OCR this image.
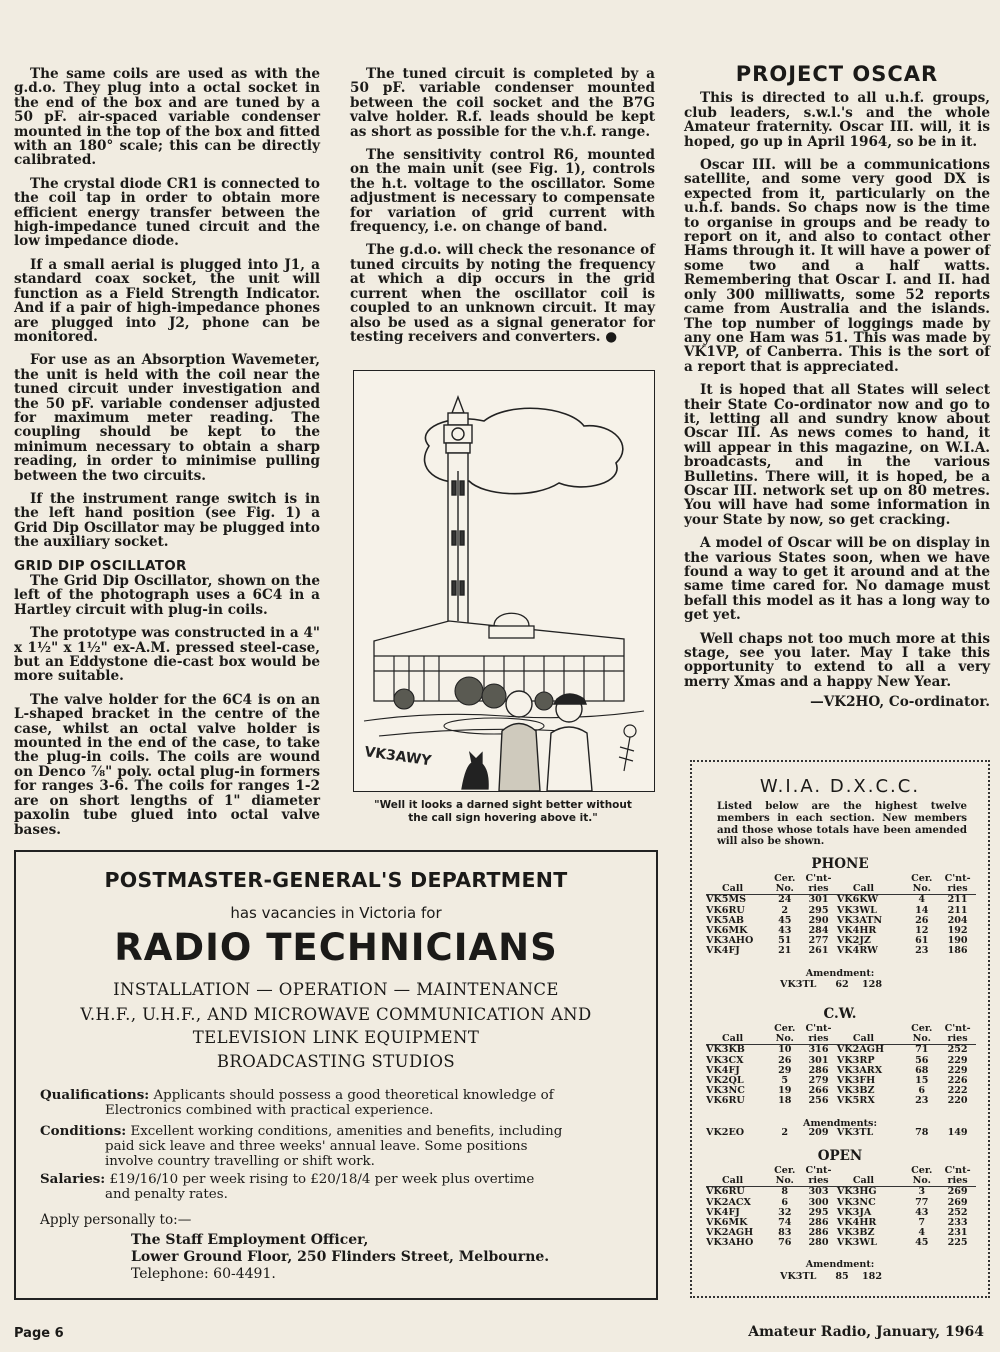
The same coils are used as with the g.d.o. They plug into a octal socket in the end of the box and are tuned by a 50 pF. air-spaced variable condenser mounted in the top of the box and fitted with an 180° scale; this can be directly calibrated.

The crystal diode CR1 is connected to the coil tap in order to obtain more efficient energy transfer between the high-impedance tuned circuit and the low impedance diode.

If a small aerial is plugged into J1, a standard coax socket, the unit will function as a Field Strength Indicator. And if a pair of high-impedance phones are plugged into J2, phone can be monitored.

For use as an Absorption Wavemeter, the unit is held with the coil near the tuned circuit under investigation and the 50 pF. variable condenser adjusted for maximum meter reading. The coupling should be kept to the minimum necessary to obtain a sharp reading, in order to minimise pulling between the two circuits.

If the instrument range switch is in the left hand position (see Fig. 1) a Grid Dip Oscillator may be plugged into the auxiliary socket.

GRID DIP OSCILLATOR

The Grid Dip Oscillator, shown on the left of the photograph uses a 6C4 in a Hartley circuit with plug-in coils.

The prototype was constructed in a 4" x 1½" x 1½" ex-A.M. pressed steel-case, but an Eddystone die-cast box would be more suitable.

The valve holder for the 6C4 is on an L-shaped bracket in the centre of the case, whilst an octal valve holder is mounted in the end of the case, to take the plug-in coils. The coils are wound on Denco ⅞" poly. octal plug-in formers for ranges 3-6. The coils for ranges 1-2 are on short lengths of 1" diameter paxolin tube glued into octal valve bases.

The tuned circuit is completed by a 50 pF. variable condenser mounted between the coil socket and the B7G valve holder. R.f. leads should be kept as short as possible for the v.h.f. range.

The sensitivity control R6, mounted on the main unit (see Fig. 1), controls the h.t. voltage to the oscillator. Some adjustment is necessary to compensate for variation of grid current with frequency, i.e. on change of band.

The g.d.o. will check the resonance of tuned circuits by noting the frequency at which a dip occurs in the grid current when the oscillator coil is coupled to an unknown circuit. It may also be used as a signal generator for testing receivers and converters. ●

VK3AWY
"Well it looks a darned sight better without
the call sign hovering above it."
PROJECT OSCAR

This is directed to all u.h.f. groups, club leaders, s.w.l.'s and the whole Amateur fraternity. Oscar III. will, it is hoped, go up in April 1964, so be in it.

Oscar III. will be a communications satellite, and some very good DX is expected from it, particularly on the u.h.f. bands. So chaps now is the time to organise in groups and be ready to report on it, and also to contact other Hams through it. It will have a power of some two and a half watts. Remembering that Oscar I. and II. had only 300 milliwatts, some 52 reports came from Australia and the islands. The top number of loggings made by any one Ham was 51. This was made by VK1VP, of Canberra. This is the sort of a report that is appreciated.

It is hoped that all States will select their State Co-ordinator now and go to it, letting all and sundry know about Oscar III. As news comes to hand, it will appear in this magazine, on W.I.A. broadcasts, and in the various Bulletins. There will, it is hoped, be a Oscar III. network set up on 80 metres. You will have had some information in your State by now, so get cracking.

A model of Oscar will be on display in the various States soon, when we have found a way to get it around and at the same time cared for. No damage must befall this model as it has a long way to get yet.

Well chaps not too much more at this stage, see you later. May I take this opportunity to extend to all a very merry Xmas and a happy New Year.

—VK2HO, Co-ordinator.
W.I.A. D.X.C.C.
Listed below are the highest twelve members in each section. New members and those whose totals have been amended will also be shown.
PHONE
	Cer.	C'nt-		Cer.	C'nt-
Call	No.	ries	Call	No.	ries
VK5MS	24	301	VK6KW	4	211
VK6RU	2	295	VK3WL	14	211
VK5AB	45	290	VK3ATN	26	204
VK6MK	43	284	VK4HR	12	192
VK3AHO	51	277	VK2JZ	61	190
VK4FJ	21	261	VK4RW	23	186
Amendment:
VK3TL	62	128
C.W.
	Cer.	C'nt-		Cer.	C'nt-
Call	No.	ries	Call	No.	ries
VK3KB	10	316	VK2AGH	71	252
VK3CX	26	301	VK3RP	56	229
VK4FJ	29	286	VK3ARX	68	229
VK2QL	5	279	VK3FH	15	226
VK3NC	19	266	VK3BZ	6	222
VK6RU	18	256	VK5RX	23	220
Amendments:
VK2EO	2	209	VK3TL	78	149
OPEN
	Cer.	C'nt-		Cer.	C'nt-
Call	No.	ries	Call	No.	ries
VK6RU	8	303	VK3HG	3	269
VK2ACX	6	300	VK3NC	77	269
VK4FJ	32	295	VK3JA	43	252
VK6MK	74	286	VK4HR	7	233
VK2AGH	83	286	VK3BZ	4	231
VK3AHO	76	280	VK3WL	45	225
Amendment:
VK3TL	85	182
POSTMASTER-GENERAL'S DEPARTMENT
has vacancies in Victoria for
RADIO TECHNICIANS
INSTALLATION — OPERATION — MAINTENANCE
V.H.F., U.H.F., AND MICROWAVE COMMUNICATION AND
TELEVISION LINK EQUIPMENT
BROADCASTING STUDIOS
Qualifications: Applicants should possess a good theoretical knowledge of
Electronics combined with practical experience.
Conditions: Excellent working conditions, amenities and benefits, including
paid sick leave and three weeks' annual leave. Some positions
involve country travelling or shift work.
Salaries: £19/16/10 per week rising to £20/18/4 per week plus overtime
and penalty rates.
Apply personally to:—
The Staff Employment Officer,
Lower Ground Floor, 250 Flinders Street, Melbourne.
Telephone: 60-4491.
Page 6	Amateur Radio, January, 1964
